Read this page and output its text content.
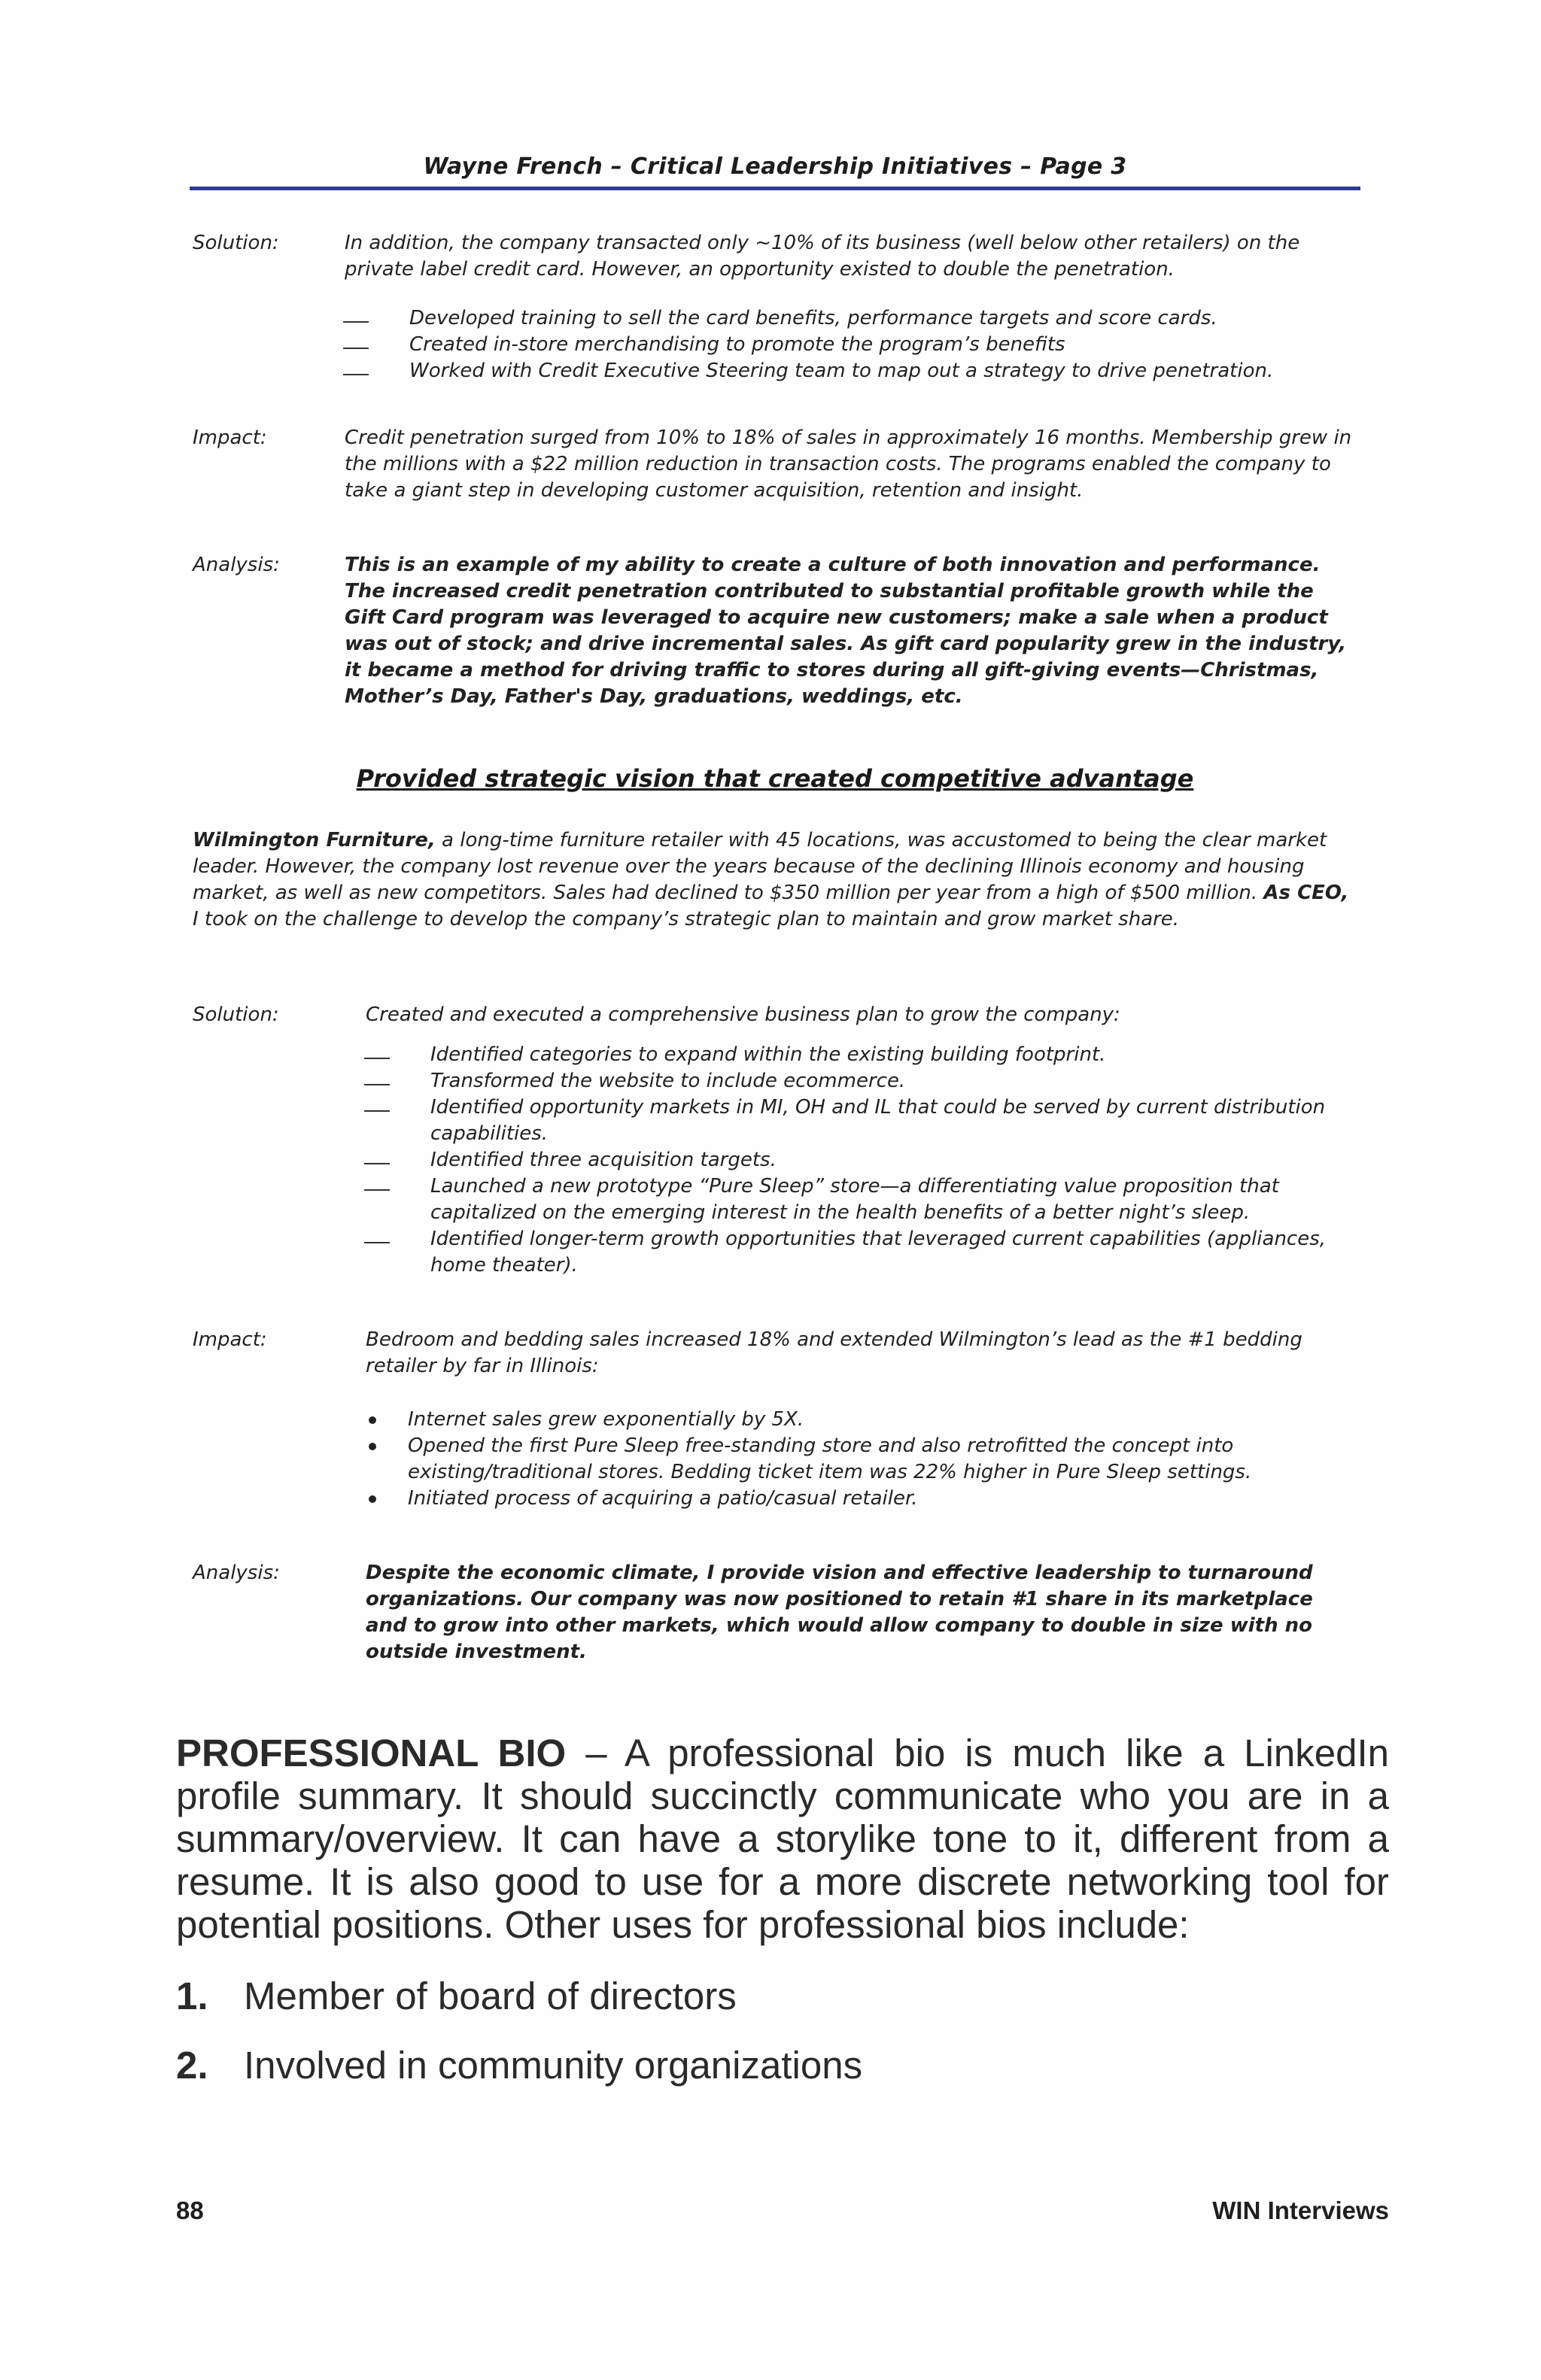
Wayne French – Critical Leadership Initiatives – Page 3
Solution:	In addition, the company transacted only ~10% of its business (well below other retailers) on the private label credit card. However, an opportunity existed to double the penetration.
Developed training to sell the card benefits, performance targets and score cards.
Created in-store merchandising to promote the program’s benefits
Worked with Credit Executive Steering team to map out a strategy to drive penetration.
Impact:	Credit penetration surged from 10% to 18% of sales in approximately 16 months. Membership grew in the millions with a $22 million reduction in transaction costs. The programs enabled the company to take a giant step in developing customer acquisition, retention and insight.
Analysis:	This is an example of my ability to create a culture of both innovation and performance. The increased credit penetration contributed to substantial profitable growth while the Gift Card program was leveraged to acquire new customers; make a sale when a product was out of stock; and drive incremental sales. As gift card popularity grew in the industry, it became a method for driving traffic to stores during all gift-giving events—Christmas, Mother’s Day, Father's Day, graduations, weddings, etc.
Provided strategic vision that created competitive advantage
Wilmington Furniture, a long-time furniture retailer with 45 locations, was accustomed to being the clear market leader. However, the company lost revenue over the years because of the declining Illinois economy and housing market, as well as new competitors. Sales had declined to $350 million per year from a high of $500 million. As CEO, I took on the challenge to develop the company’s strategic plan to maintain and grow market share.
Solution:	Created and executed a comprehensive business plan to grow the company:
Identified categories to expand within the existing building footprint.
Transformed the website to include ecommerce.
Identified opportunity markets in MI, OH and IL that could be served by current distribution capabilities.
Identified three acquisition targets.
Launched a new prototype “Pure Sleep” store—a differentiating value proposition that capitalized on the emerging interest in the health benefits of a better night’s sleep.
Identified longer-term growth opportunities that leveraged current capabilities (appliances, home theater).
Impact:	Bedroom and bedding sales increased 18% and extended Wilmington’s lead as the #1 bedding retailer by far in Illinois:
Internet sales grew exponentially by 5X.
Opened the first Pure Sleep free-standing store and also retrofitted the concept into existing/traditional stores. Bedding ticket item was 22% higher in Pure Sleep settings.
Initiated process of acquiring a patio/casual retailer.
Analysis:	Despite the economic climate, I provide vision and effective leadership to turnaround organizations. Our company was now positioned to retain #1 share in its marketplace and to grow into other markets, which would allow company to double in size with no outside investment.
PROFESSIONAL BIO – A professional bio is much like a LinkedIn profile summary. It should succinctly communicate who you are in a summary/overview. It can have a storylike tone to it, different from a resume. It is also good to use for a more discrete networking tool for potential positions. Other uses for professional bios include:
1. Member of board of directors
2. Involved in community organizations
88	WIN Interviews
